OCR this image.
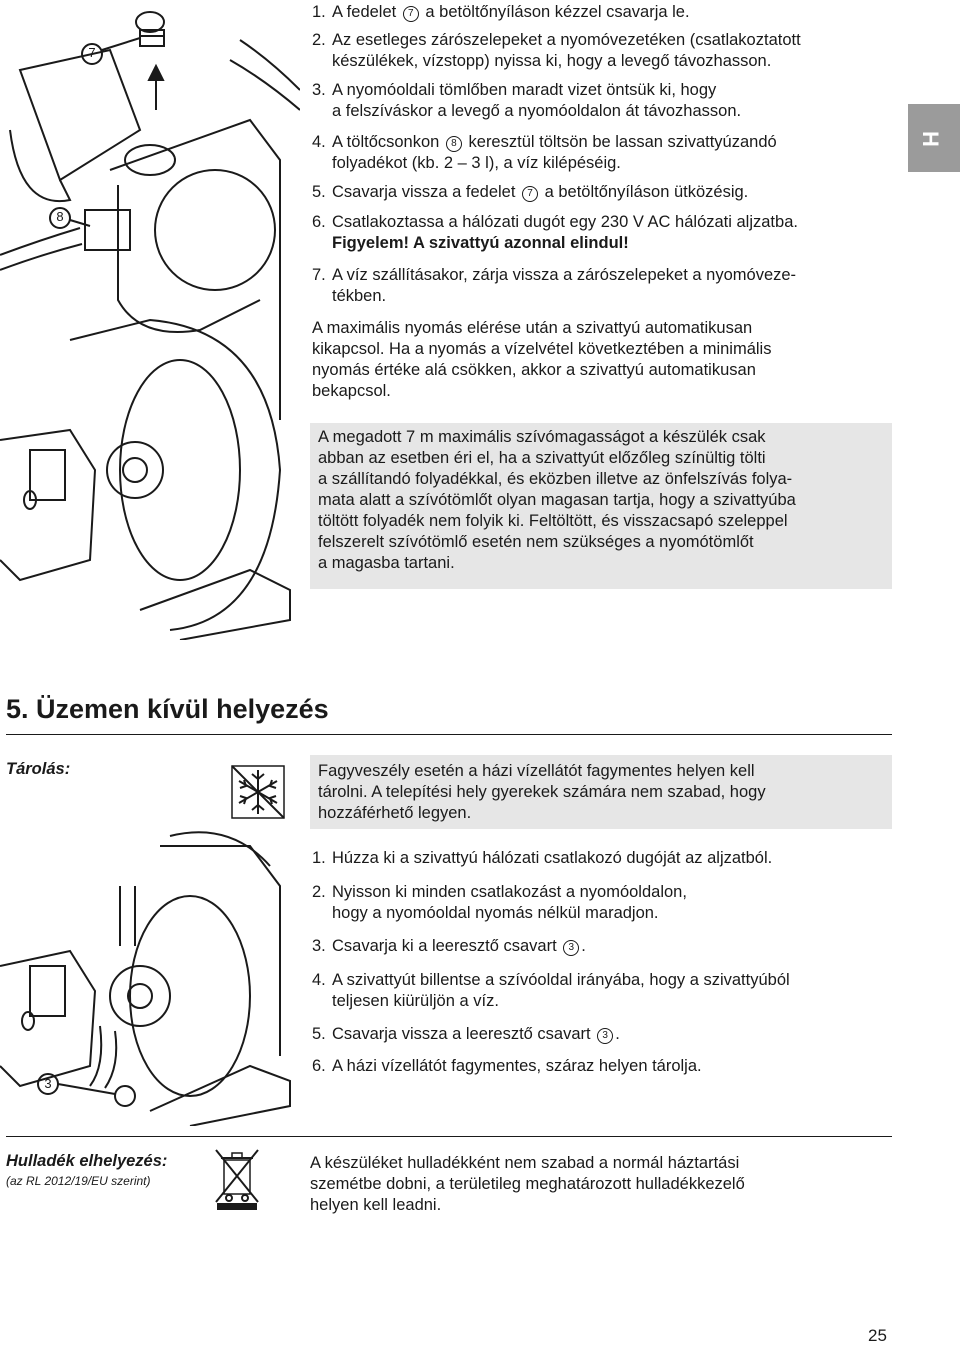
7
8
H
1. A fedelet 7 a betöltőnyíláson kézzel csavarja le.
2. Az esetleges zárószelepeket a nyomóvezetéken (csatlakoztatott
készülékek, vízstopp) nyissa ki, hogy a levegő távozhasson.
3. A nyomóoldali tömlőben maradt vizet öntsük ki, hogy
a felszíváskor a levegő a nyomóoldalon át távozhasson.
4. A töltőcsonkon 8 keresztül töltsön be lassan szivattyúzandó
folyadékot (kb. 2 – 3 l), a víz kilépéséig.
5. Csavarja vissza a fedelet 7 a betöltőnyíláson ütközésig.
6. Csatlakoztassa a hálózati dugót egy 230 V AC hálózati aljzatba.
Figyelem! A szivattyú azonnal elindul!
7. A víz szállításakor, zárja vissza a zárószelepeket a nyomóveze-
tékben.
A maximális nyomás elérése után a szivattyú automatikusan
kikapcsol. Ha a nyomás a vízelvétel következtében a minimális
nyomás értéke alá csökken, akkor a szivattyú automatikusan
bekapcsol.
A megadott 7 m maximális szívómagasságot a készülék csak
abban az esetben éri el, ha a szivattyút előzőleg színültig tölti
a szállítandó folyadékkal, és eközben illetve az önfelszívás folya-
mata alatt a szívótömlőt olyan magasan tartja, hogy a szivattyúba
töltött folyadék nem folyik ki. Feltöltött, és visszacsapó szeleppel
felszerelt szívótömlő esetén nem szükséges a nyomótömlőt
a magasba tartani.
5. Üzemen kívül helyezés
Tárolás:
3
Fagyveszély esetén a házi vízellátót fagymentes helyen kell
tárolni. A telepítési hely gyerekek számára nem szabad, hogy
hozzáférhető legyen.
1. Húzza ki a szivattyú hálózati csatlakozó dugóját az aljzatból.
2. Nyisson ki minden csatlakozást a nyomóoldalon,
hogy a nyomóoldal nyomás nélkül maradjon.
3. Csavarja ki a leeresztő csavart 3 .
4. A szivattyút billentse a szívóoldal irányába, hogy a szivattyúból
teljesen kiürüljön a víz.
5. Csavarja vissza a leeresztő csavart 3 .
6. A házi vízellátót fagymentes, száraz helyen tárolja.
Hulladék elhelyezés:
(az RL 2012/19/EU szerint)
A készüléket hulladékként nem szabad a normál háztartási
szemétbe dobni, a területileg meghatározott hulladékkezelő
helyen kell leadni.
25
